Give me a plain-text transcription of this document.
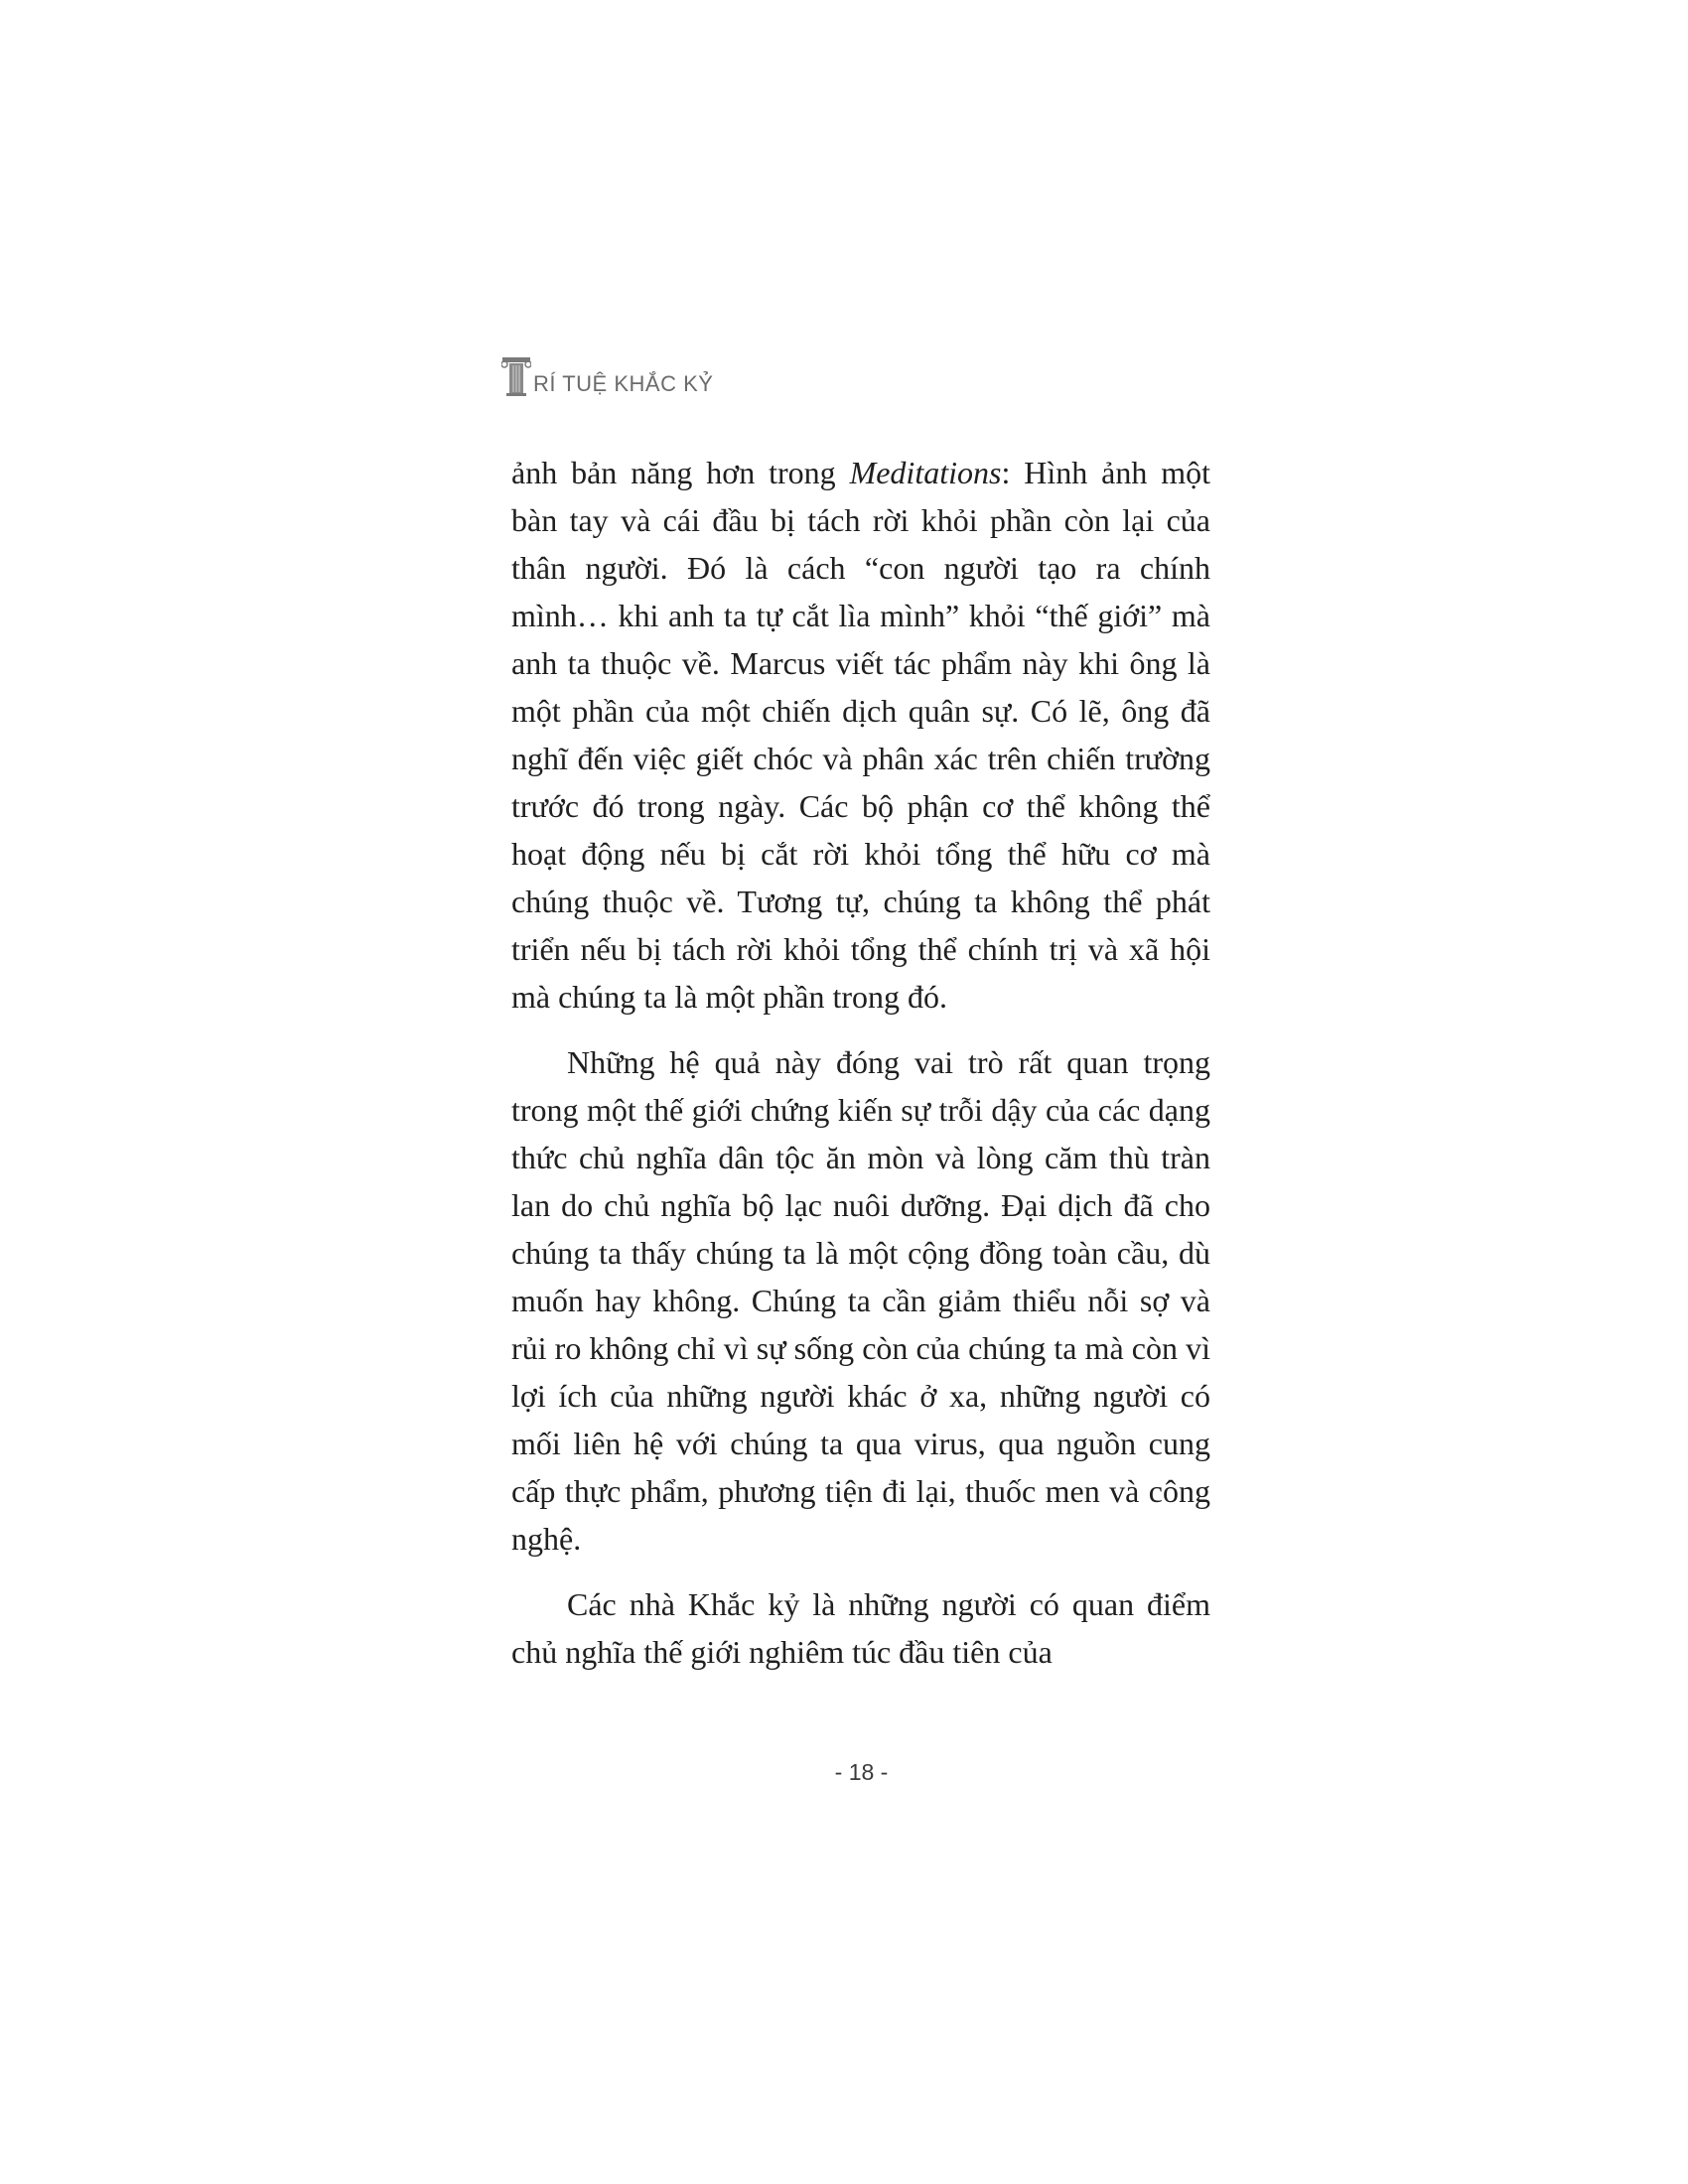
RÍ TUỆ KHẮC KỶ

ảnh bản năng hơn trong Meditations: Hình ảnh một bàn tay và cái đầu bị tách rời khỏi phần còn lại của thân người. Đó là cách “con người tạo ra chính mình… khi anh ta tự cắt lìa mình” khỏi “thế giới” mà anh ta thuộc về. Marcus viết tác phẩm này khi ông là một phần của một chiến dịch quân sự. Có lẽ, ông đã nghĩ đến việc giết chóc và phân xác trên chiến trường trước đó trong ngày. Các bộ phận cơ thể không thể hoạt động nếu bị cắt rời khỏi tổng thể hữu cơ mà chúng thuộc về. Tương tự, chúng ta không thể phát triển nếu bị tách rời khỏi tổng thể chính trị và xã hội mà chúng ta là một phần trong đó.

Những hệ quả này đóng vai trò rất quan trọng trong một thế giới chứng kiến sự trỗi dậy của các dạng thức chủ nghĩa dân tộc ăn mòn và lòng căm thù tràn lan do chủ nghĩa bộ lạc nuôi dưỡng. Đại dịch đã cho chúng ta thấy chúng ta là một cộng đồng toàn cầu, dù muốn hay không. Chúng ta cần giảm thiểu nỗi sợ và rủi ro không chỉ vì sự sống còn của chúng ta mà còn vì lợi ích của những người khác ở xa, những người có mối liên hệ với chúng ta qua virus, qua nguồn cung cấp thực phẩm, phương tiện đi lại, thuốc men và công nghệ.

Các nhà Khắc kỷ là những người có quan điểm chủ nghĩa thế giới nghiêm túc đầu tiên của

- 18 -
